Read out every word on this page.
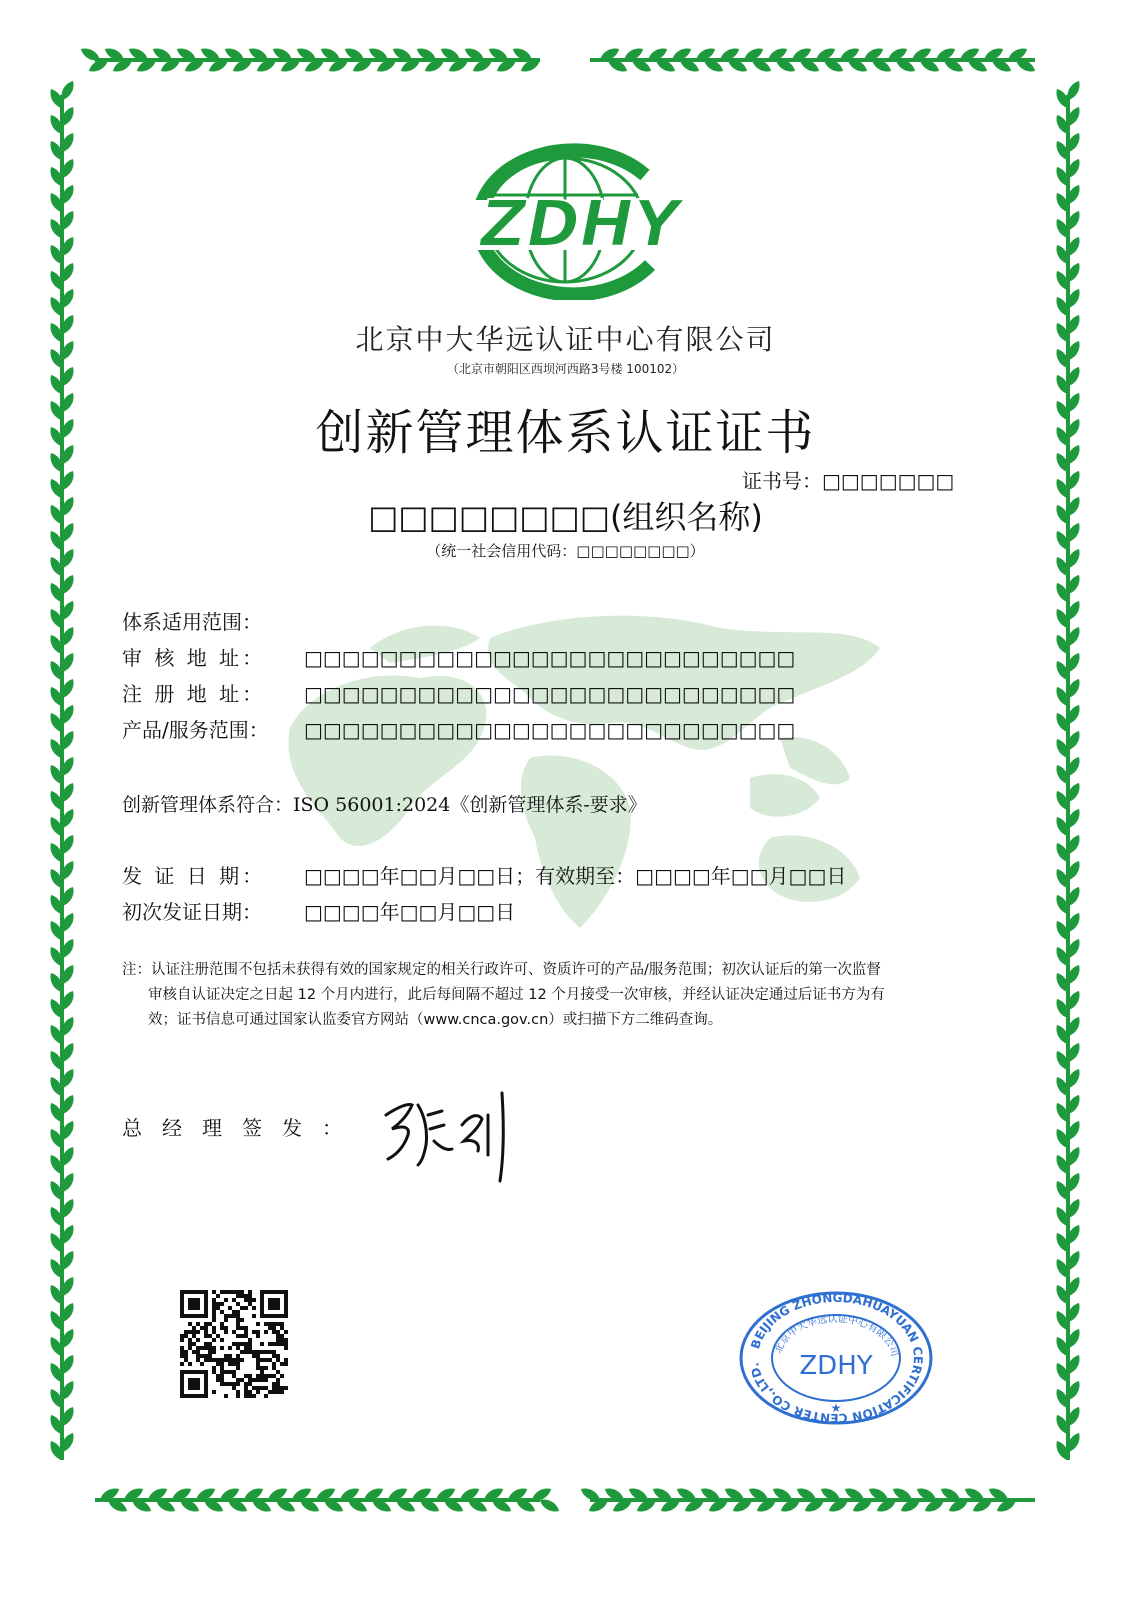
ZDHY
北京中大华远认证中心有限公司
（北京市朝阳区西坝河西路3号楼 100102）
创新管理体系认证证书
证书号：□□□□□□□
□□□□□□□□(组织名称)
（统一社会信用代码：□□□□□□□□）
体系适用范围：
审 核 地 址： □□□□□□□□□□□□□□□□□□□□□□□□□□
注 册 地 址： □□□□□□□□□□□□□□□□□□□□□□□□□□
产品/服务范围： □□□□□□□□□□□□□□□□□□□□□□□□□□
创新管理体系符合：ISO 56001:2024《创新管理体系-要求》
发 证 日 期： □□□□年□□月□□日；有效期至：□□□□年□□月□□日
初次发证日期： □□□□年□□月□□日
注：认证注册范围不包括未获得有效的国家规定的相关行政许可、资质许可的产品/服务范围；初次认证后的第一次监督
审核自认证决定之日起 12 个月内进行，此后每间隔不超过 12 个月接受一次审核，并经认证决定通过后证书方为有
效；证书信息可通过国家认监委官方网站（www.cnca.gov.cn）或扫描下方二维码查询。
总经理签发：
BEIJING ZHONGDAHUAYUAN CERTIFICATION CENTER CO.,LTD.
北京中大华远认证中心有限公司
ZDHY
★
